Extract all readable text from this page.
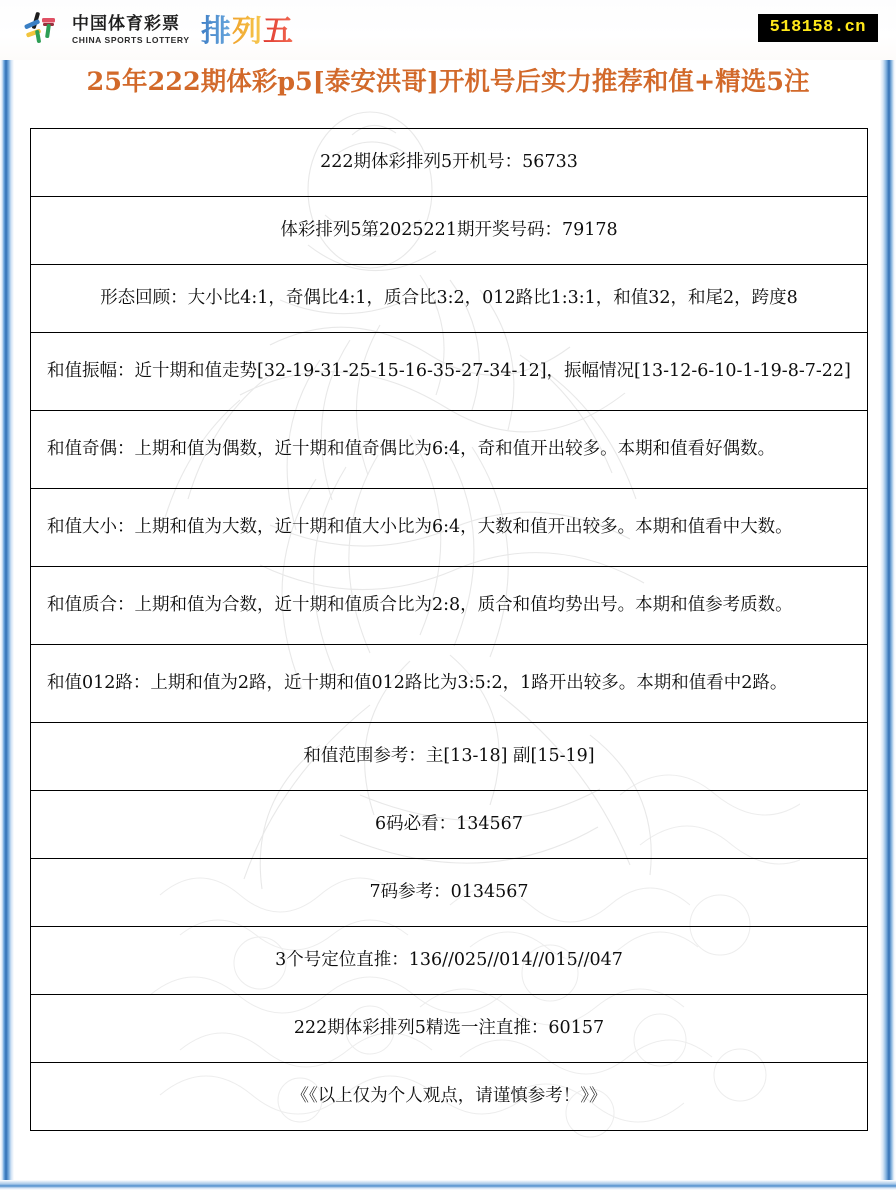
中国体育彩票
CHINA SPORTS LOTTERY 排 列 五	518158.cn
25年222期体彩p5[泰安洪哥]开机号后实力推荐和值+精选5注
222期体彩排列5开机号：56733
体彩排列5第2025221期开奖号码：79178
形态回顾：大小比4:1，奇偶比4:1，质合比3:2，012路比1:3:1，和值32，和尾2，跨度8
和值振幅：近十期和值走势[32-19-31-25-15-16-35-27-34-12]，振幅情况[13-12-6-10-1-19-8-7-22]
和值奇偶：上期和值为偶数，近十期和值奇偶比为6:4，奇和值开出较多。本期和值看好偶数。
和值大小：上期和值为大数，近十期和值大小比为6:4，大数和值开出较多。本期和值看中大数。
和值质合：上期和值为合数，近十期和值质合比为2:8，质合和值均势出号。本期和值参考质数。
和值012路：上期和值为2路，近十期和值012路比为3:5:2，1路开出较多。本期和值看中2路。
和值范围参考：主[13-18] 副[15-19]
6码必看：134567
7码参考：0134567
3个号定位直推：136//025//014//015//047
222期体彩排列5精选一注直推：60157
《《以上仅为个人观点，请谨慎参考！》》
